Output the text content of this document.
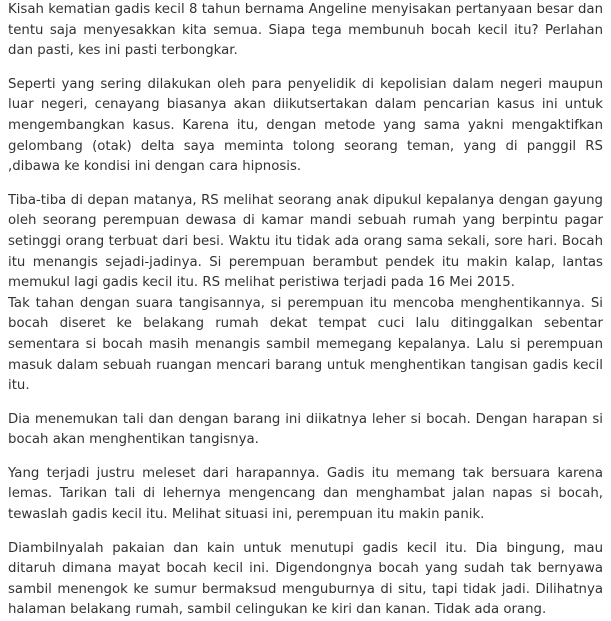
Kisah kematian gadis kecil 8 tahun bernama Angeline menyisakan pertanyaan besar dan tentu saja menyesakkan kita semua. Siapa tega membunuh bocah kecil itu? Perlahan dan pasti, kes ini pasti terbongkar.

Seperti yang sering dilakukan oleh para penyelidik di kepolisian dalam negeri maupun luar negeri, cenayang biasanya akan diikutsertakan dalam pencarian kasus ini untuk mengembangkan kasus. Karena itu, dengan metode yang sama yakni mengaktifkan gelombang (otak) delta saya meminta tolong seorang teman, yang di panggil RS ,dibawa ke kondisi ini dengan cara hipnosis.

Tiba-tiba di depan matanya, RS melihat seorang anak dipukul kepalanya dengan gayung oleh seorang perempuan dewasa di kamar mandi sebuah rumah yang berpintu pagar setinggi orang terbuat dari besi. Waktu itu tidak ada orang sama sekali, sore hari. Bocah itu menangis sejadi-jadinya. Si perempuan berambut pendek itu makin kalap, lantas memukul lagi gadis kecil itu. RS melihat peristiwa terjadi pada 16 Mei 2015.

Tak tahan dengan suara tangisannya, si perempuan itu mencoba menghentikannya. Si bocah diseret ke belakang rumah dekat tempat cuci lalu ditinggalkan sebentar sementara si bocah masih menangis sambil memegang kepalanya. Lalu si perempuan masuk dalam sebuah ruangan mencari barang untuk menghentikan tangisan gadis kecil itu.

Dia menemukan tali dan dengan barang ini diikatnya leher si bocah. Dengan harapan si bocah akan menghentikan tangisnya.

Yang terjadi justru meleset dari harapannya. Gadis itu memang tak bersuara karena lemas. Tarikan tali di lehernya mengencang dan menghambat jalan napas si bocah, tewaslah gadis kecil itu. Melihat situasi ini, perempuan itu makin panik.

Diambilnyalah pakaian dan kain untuk menutupi gadis kecil itu. Dia bingung, mau ditaruh dimana mayat bocah kecil ini. Digendongnya bocah yang sudah tak bernyawa sambil menengok ke sumur bermaksud menguburnya di situ, tapi tidak jadi. Dilihatnya halaman belakang rumah, sambil celingukan ke kiri dan kanan. Tidak ada orang.
